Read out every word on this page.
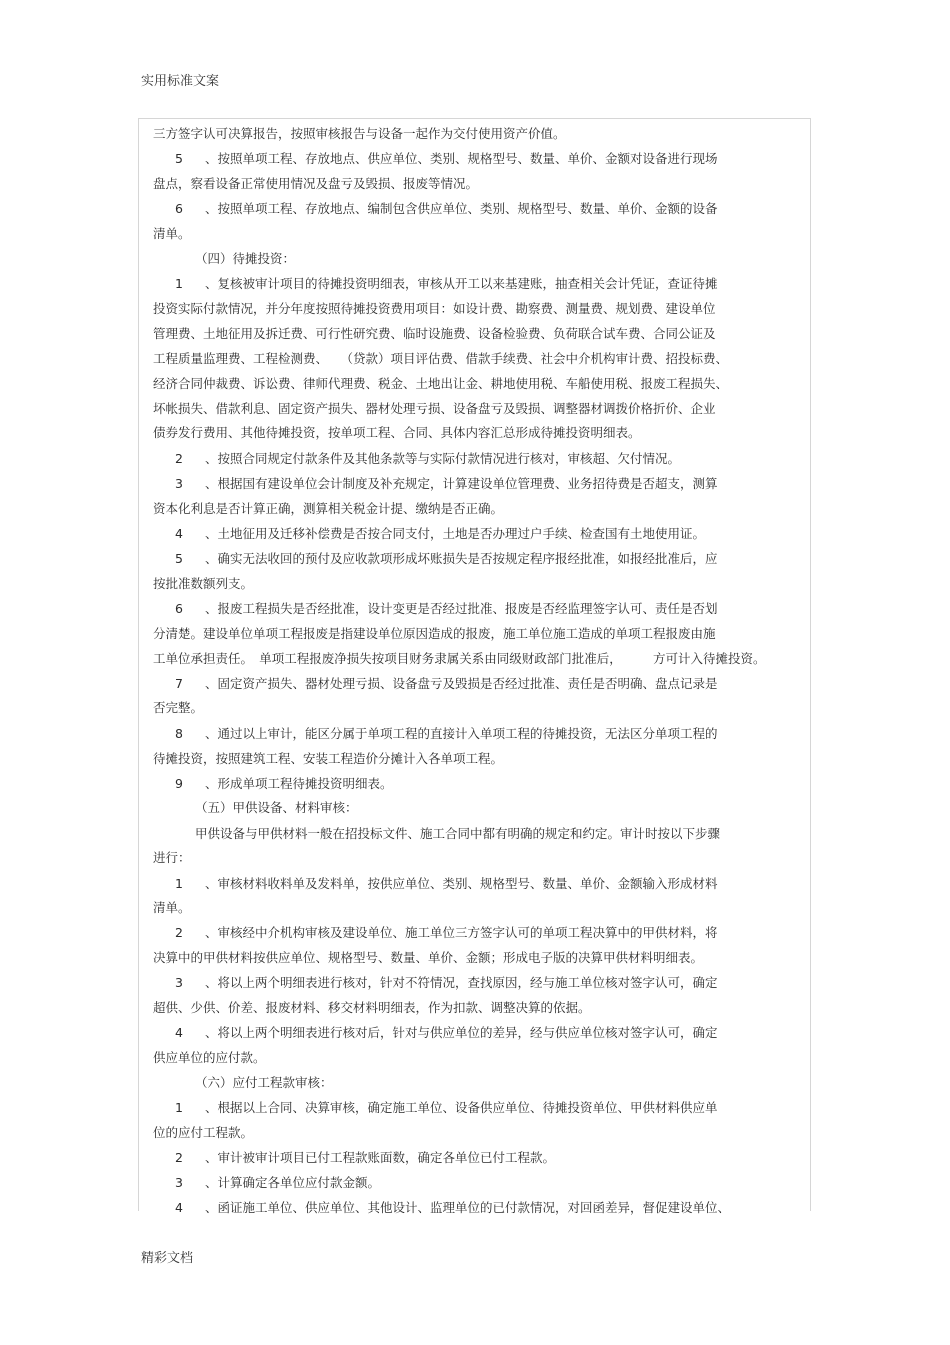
实用标准文案
三方签字认可决算报告，按照审核报告与设备一起作为交付使用资产价值。
5 、按照单项工程、存放地点、供应单位、类别、规格型号、数量、单价、金额对设备进行现场
盘点，察看设备正常使用情况及盘亏及毁损、报废等情况。
6 、按照单项工程、存放地点、编制包含供应单位、类别、规格型号、数量、单价、金额的设备
清单。
（四）待摊投资：
1 、复核被审计项目的待摊投资明细表，审核从开工以来基建账，抽查相关会计凭证，查证待摊
投资实际付款情况，并分年度按照待摊投资费用项目：如设计费、勘察费、测量费、规划费、建设单位
管理费、土地征用及拆迁费、可行性研究费、临时设施费、设备检验费、负荷联合试车费、合同公证及
工程质量监理费、工程检测费、　　（贷款）项目评估费、借款手续费、社会中介机构审计费、招投标费、
经济合同仲裁费、诉讼费、律师代理费、税金、土地出让金、耕地使用税、车船使用税、报废工程损失、
坏帐损失、借款利息、固定资产损失、器材处理亏损、设备盘亏及毁损、调整器材调拨价格折价、企业
债券发行费用、其他待摊投资，按单项工程、合同、具体内容汇总形成待摊投资明细表。
2 、按照合同规定付款条件及其他条款等与实际付款情况进行核对，审核超、欠付情况。
3 、根据国有建设单位会计制度及补充规定，计算建设单位管理费、业务招待费是否超支，测算
资本化利息是否计算正确，测算相关税金计提、缴纳是否正确。
4 、土地征用及迁移补偿费是否按合同支付，土地是否办理过户手续、检查国有土地使用证。
5 、确实无法收回的预付及应收款项形成坏账损失是否按规定程序报经批准，如报经批准后，应
按批准数额列支。
6 、报废工程损失是否经批准，设计变更是否经过批准、报废是否经监理签字认可、责任是否划
分清楚。建设单位单项工程报废是指建设单位原因造成的报废，施工单位施工造成的单项工程报废由施
工单位承担责任。　单项工程报废净损失按项目财务隶属关系由同级财政部门批准后，　　　方可计入待摊投资。
7 、固定资产损失、器材处理亏损、设备盘亏及毁损是否经过批准、责任是否明确、盘点记录是
否完整。
8 、通过以上审计，能区分属于单项工程的直接计入单项工程的待摊投资，无法区分单项工程的
待摊投资，按照建筑工程、安装工程造价分摊计入各单项工程。
9 、形成单项工程待摊投资明细表。
（五）甲供设备、材料审核：
甲供设备与甲供材料一般在招投标文件、施工合同中都有明确的规定和约定。审计时按以下步骤
进行：
1 、审核材料收料单及发料单，按供应单位、类别、规格型号、数量、单价、金额输入形成材料
清单。
2 、审核经中介机构审核及建设单位、施工单位三方签字认可的单项工程决算中的甲供材料，将
决算中的甲供材料按供应单位、规格型号、数量、单价、金额；形成电子版的决算甲供材料明细表。
3 、将以上两个明细表进行核对，针对不符情况，查找原因，经与施工单位核对签字认可，确定
超供、少供、价差、报废材料、移交材料明细表，作为扣款、调整决算的依据。
4 、将以上两个明细表进行核对后，针对与供应单位的差异，经与供应单位核对签字认可，确定
供应单位的应付款。
（六）应付工程款审核：
1 、根据以上合同、决算审核，确定施工单位、设备供应单位、待摊投资单位、甲供材料供应单
位的应付工程款。
2 、审计被审计项目已付工程款账面数，确定各单位已付工程款。
3 、计算确定各单位应付款金额。
4 、函证施工单位、供应单位、其他设计、监理单位的已付款情况，对回函差异，督促建设单位、
精彩文档
